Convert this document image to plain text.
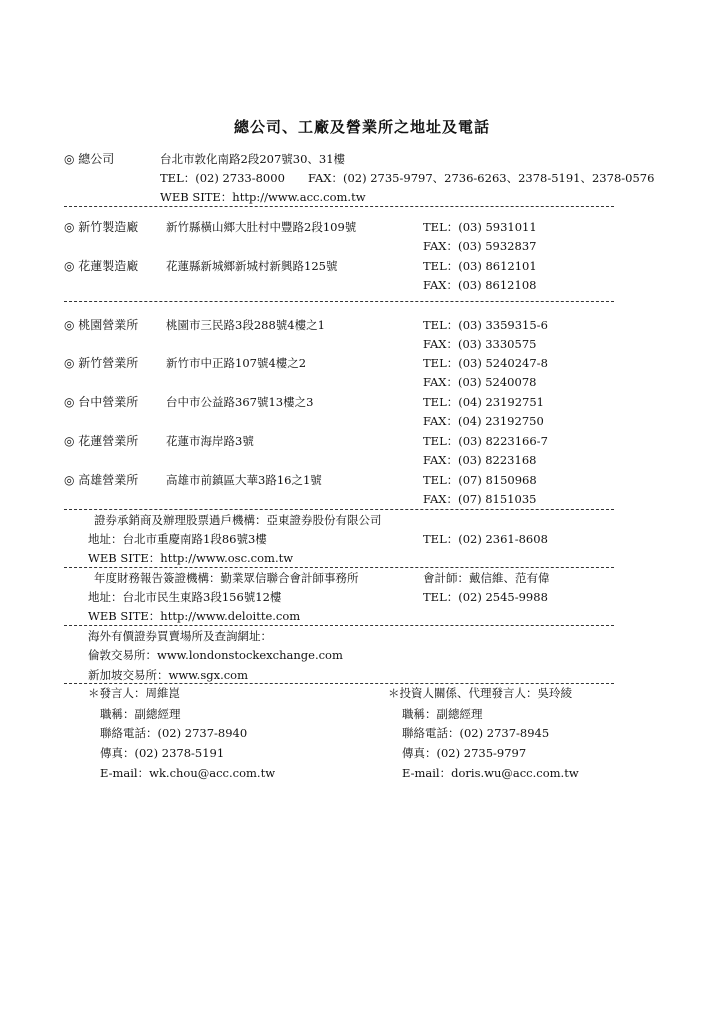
總公司、工廠及營業所之地址及電話
◎ 總公司	台北市敦化南路2段207號30、31樓
TEL：(02) 2733-8000 FAX：(02) 2735-9797、2736-6263、2378-5191、2378-0576
WEB SITE：http://www.acc.com.tw
◎ 新竹製造廠 新竹縣橫山鄉大肚村中豐路2段109號	TEL：(03) 5931011
FAX：(03) 5932837
◎ 花蓮製造廠 花蓮縣新城鄉新城村新興路125號	TEL：(03) 8612101
FAX：(03) 8612108
◎ 桃園營業所 桃園市三民路3段288號4樓之1	TEL：(03) 3359315-6
FAX：(03) 3330575
◎ 新竹營業所 新竹市中正路107號4樓之2	TEL：(03) 5240247-8
FAX：(03) 5240078
◎ 台中營業所 台中市公益路367號13樓之3	TEL：(04) 23192751
FAX：(04) 23192750
◎ 花蓮營業所 花蓮市海岸路3號	TEL：(03) 8223166-7
FAX：(03) 8223168
◎ 高雄營業所 高雄市前鎮區大華3路16之1號	TEL：(07) 8150968
FAX：(07) 8151035
證券承銷商及辦理股票過戶機構：亞東證券股份有限公司
地址：台北市重慶南路1段86號3樓	TEL：(02) 2361-8608
WEB SITE：http://www.osc.com.tw
年度財務報告簽證機構：勤業眾信聯合會計師事務所	會計師：戴信維、范有偉
地址：台北市民生東路3段156號12樓	TEL：(02) 2545-9988
WEB SITE：http://www.deloitte.com
海外有價證券買賣場所及查詢網址：
倫敦交易所：www.londonstockexchange.com
新加坡交易所：www.sgx.com
＊發言人：周維崑
職稱：副總經理
聯絡電話：(02) 2737-8940
傳真：(02) 2378-5191
E-mail：wk.chou@acc.com.tw
＊投資人關係、代理發言人：吳玲綾
職稱：副總經理
聯絡電話：(02) 2737-8945
傳真：(02) 2735-9797
E-mail：doris.wu@acc.com.tw
